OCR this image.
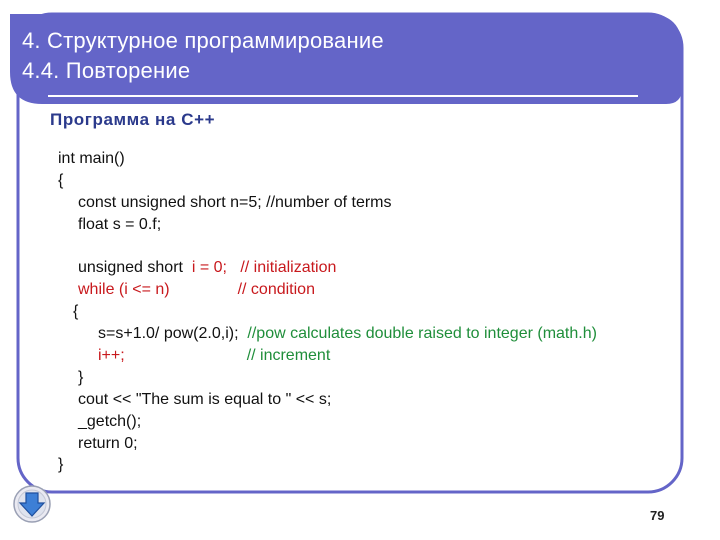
4. Структурное программирование
4.4. Повторение
Программа на С++
int main()
{
const unsigned short n=5; //number of terms
float s = 0.f;
unsigned short i = 0; // initialization
while (i <= n)	// condition
{
s=s+1.0/ pow(2.0,i); //pow calculates double raised to integer (math.h)
i++;	// increment
}
cout << "The sum is equal to " << s;
_getch();
return 0;
}
79
